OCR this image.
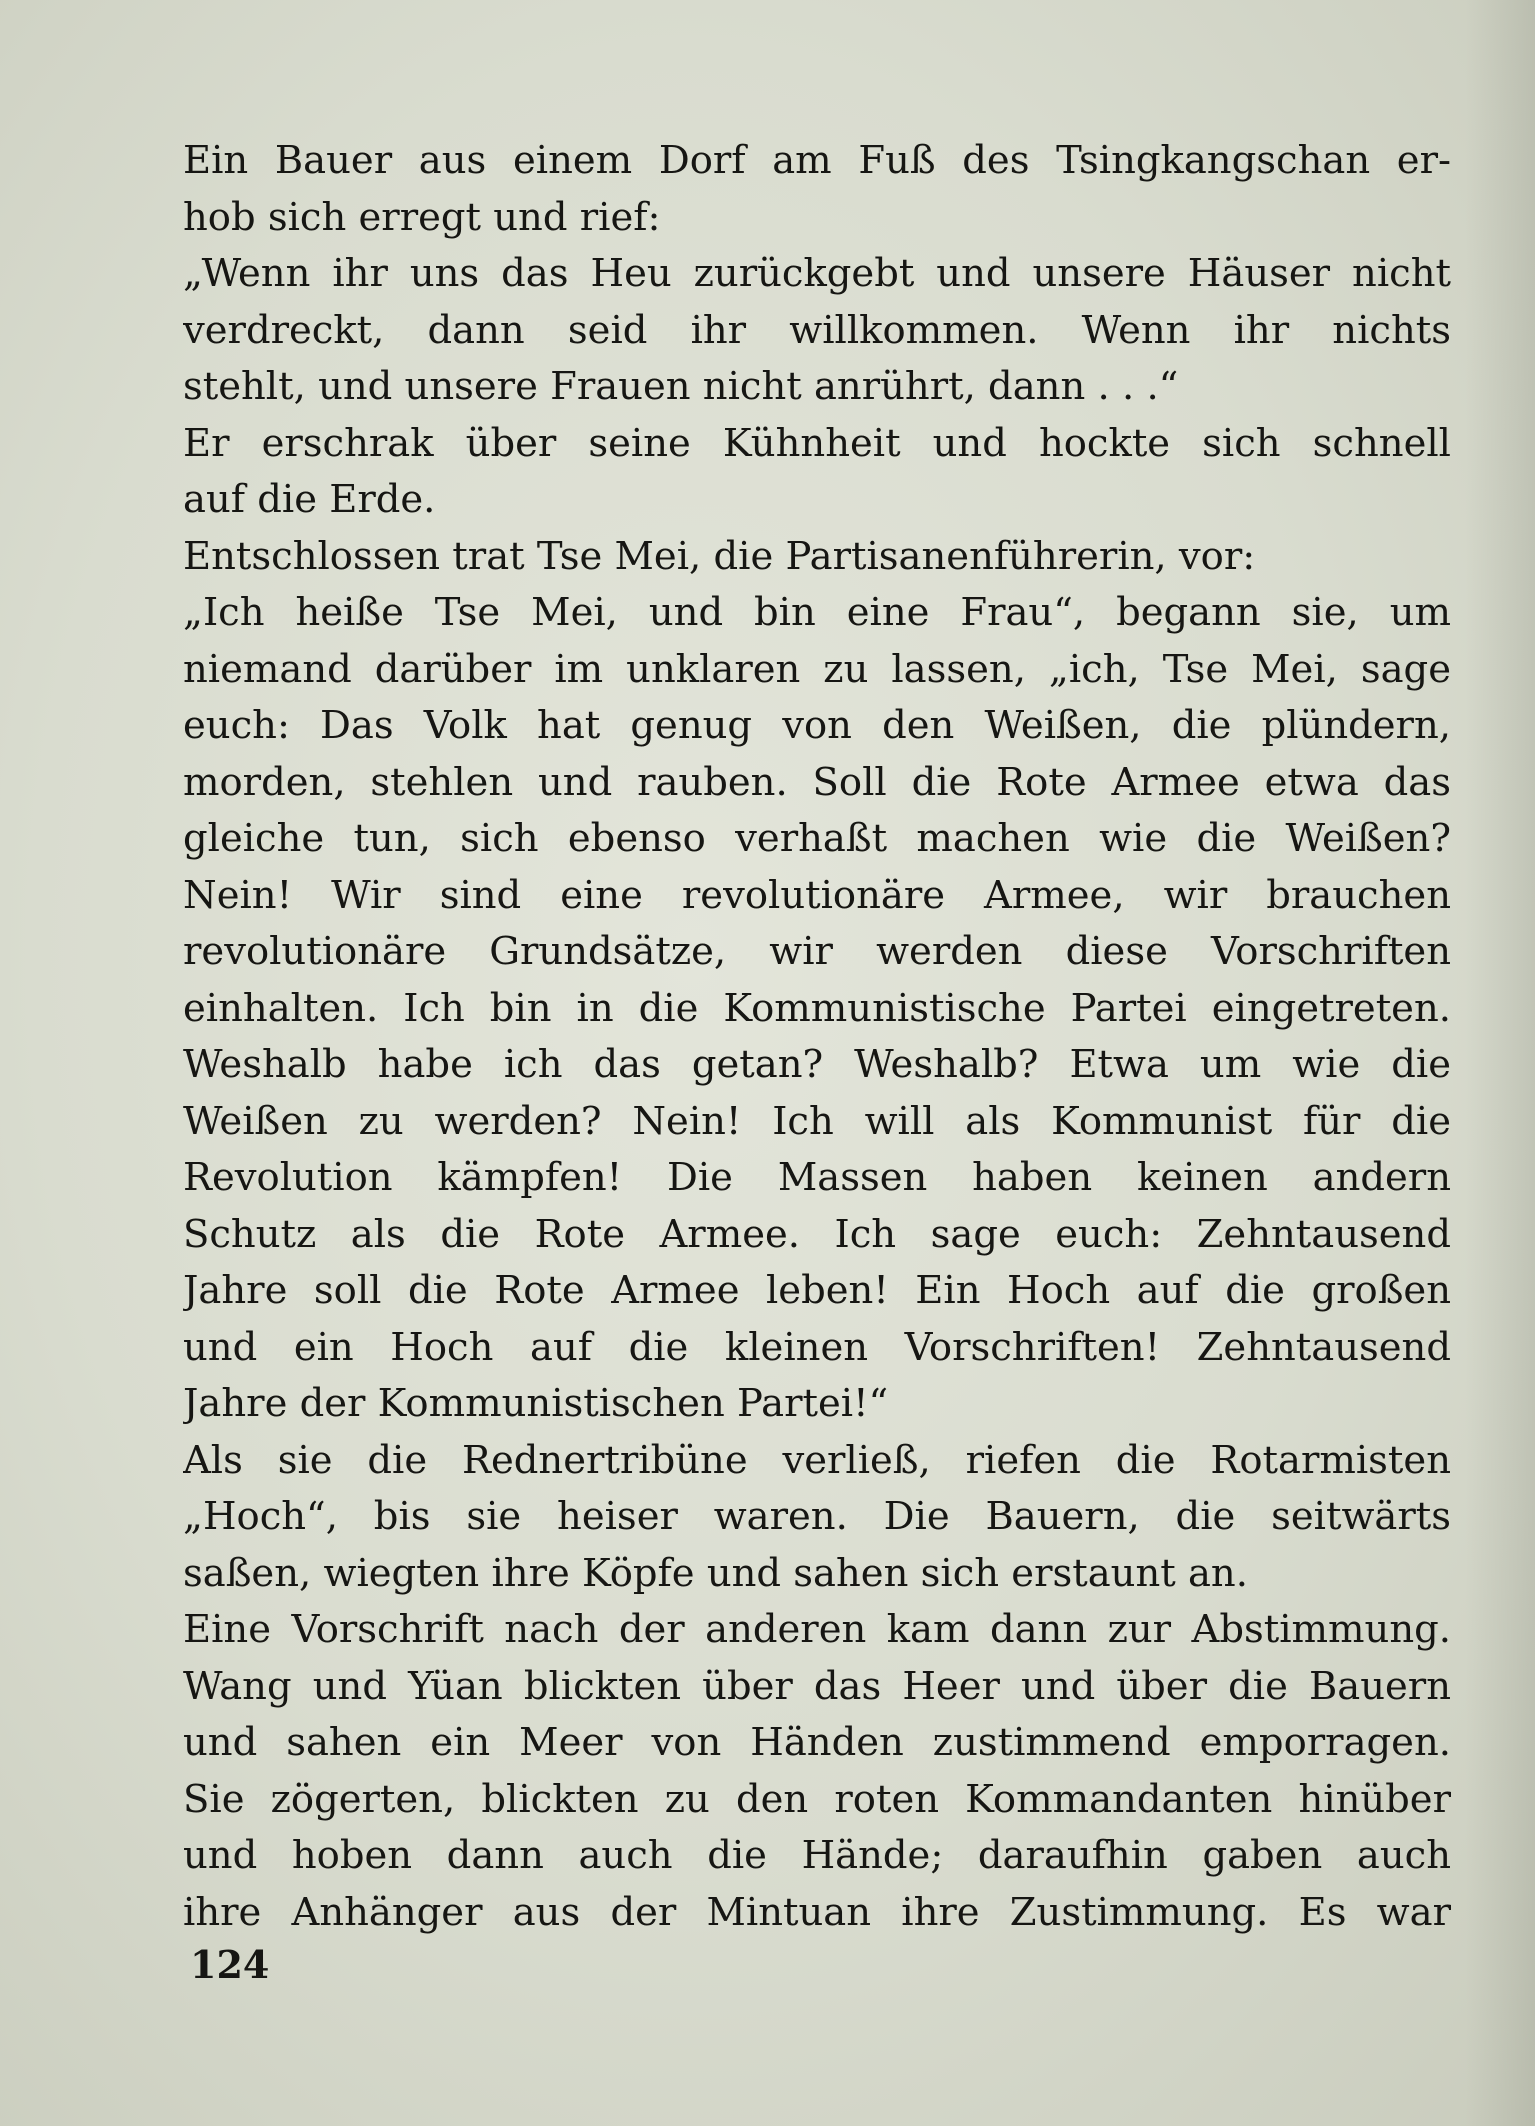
Ein Bauer aus einem Dorf am Fuß des Tsingkangschan er-
hob sich erregt und rief:
„Wenn ihr uns das Heu zurückgebt und unsere Häuser nicht
verdreckt, dann seid ihr willkommen. Wenn ihr nichts
stehlt, und unsere Frauen nicht anrührt, dann . . .“
Er erschrak über seine Kühnheit und hockte sich schnell
auf die Erde.
Entschlossen trat Tse Mei, die Partisanenführerin, vor:
„Ich heiße Tse Mei, und bin eine Frau“, begann sie, um
niemand darüber im unklaren zu lassen, „ich, Tse Mei, sage
euch: Das Volk hat genug von den Weißen, die plündern,
morden, stehlen und rauben. Soll die Rote Armee etwa das
gleiche tun, sich ebenso verhaßt machen wie die Weißen?
Nein! Wir sind eine revolutionäre Armee, wir brauchen
revolutionäre Grundsätze, wir werden diese Vorschriften
einhalten. Ich bin in die Kommunistische Partei eingetreten.
Weshalb habe ich das getan? Weshalb? Etwa um wie die
Weißen zu werden? Nein! Ich will als Kommunist für die
Revolution kämpfen! Die Massen haben keinen andern
Schutz als die Rote Armee. Ich sage euch: Zehntausend
Jahre soll die Rote Armee leben! Ein Hoch auf die großen
und ein Hoch auf die kleinen Vorschriften! Zehntausend
Jahre der Kommunistischen Partei!“
Als sie die Rednertribüne verließ, riefen die Rotarmisten
„Hoch“, bis sie heiser waren. Die Bauern, die seitwärts
saßen, wiegten ihre Köpfe und sahen sich erstaunt an.
Eine Vorschrift nach der anderen kam dann zur Abstimmung.
Wang und Yüan blickten über das Heer und über die Bauern
und sahen ein Meer von Händen zustimmend emporragen.
Sie zögerten, blickten zu den roten Kommandanten hinüber
und hoben dann auch die Hände; daraufhin gaben auch
ihre Anhänger aus der Mintuan ihre Zustimmung. Es war
124
